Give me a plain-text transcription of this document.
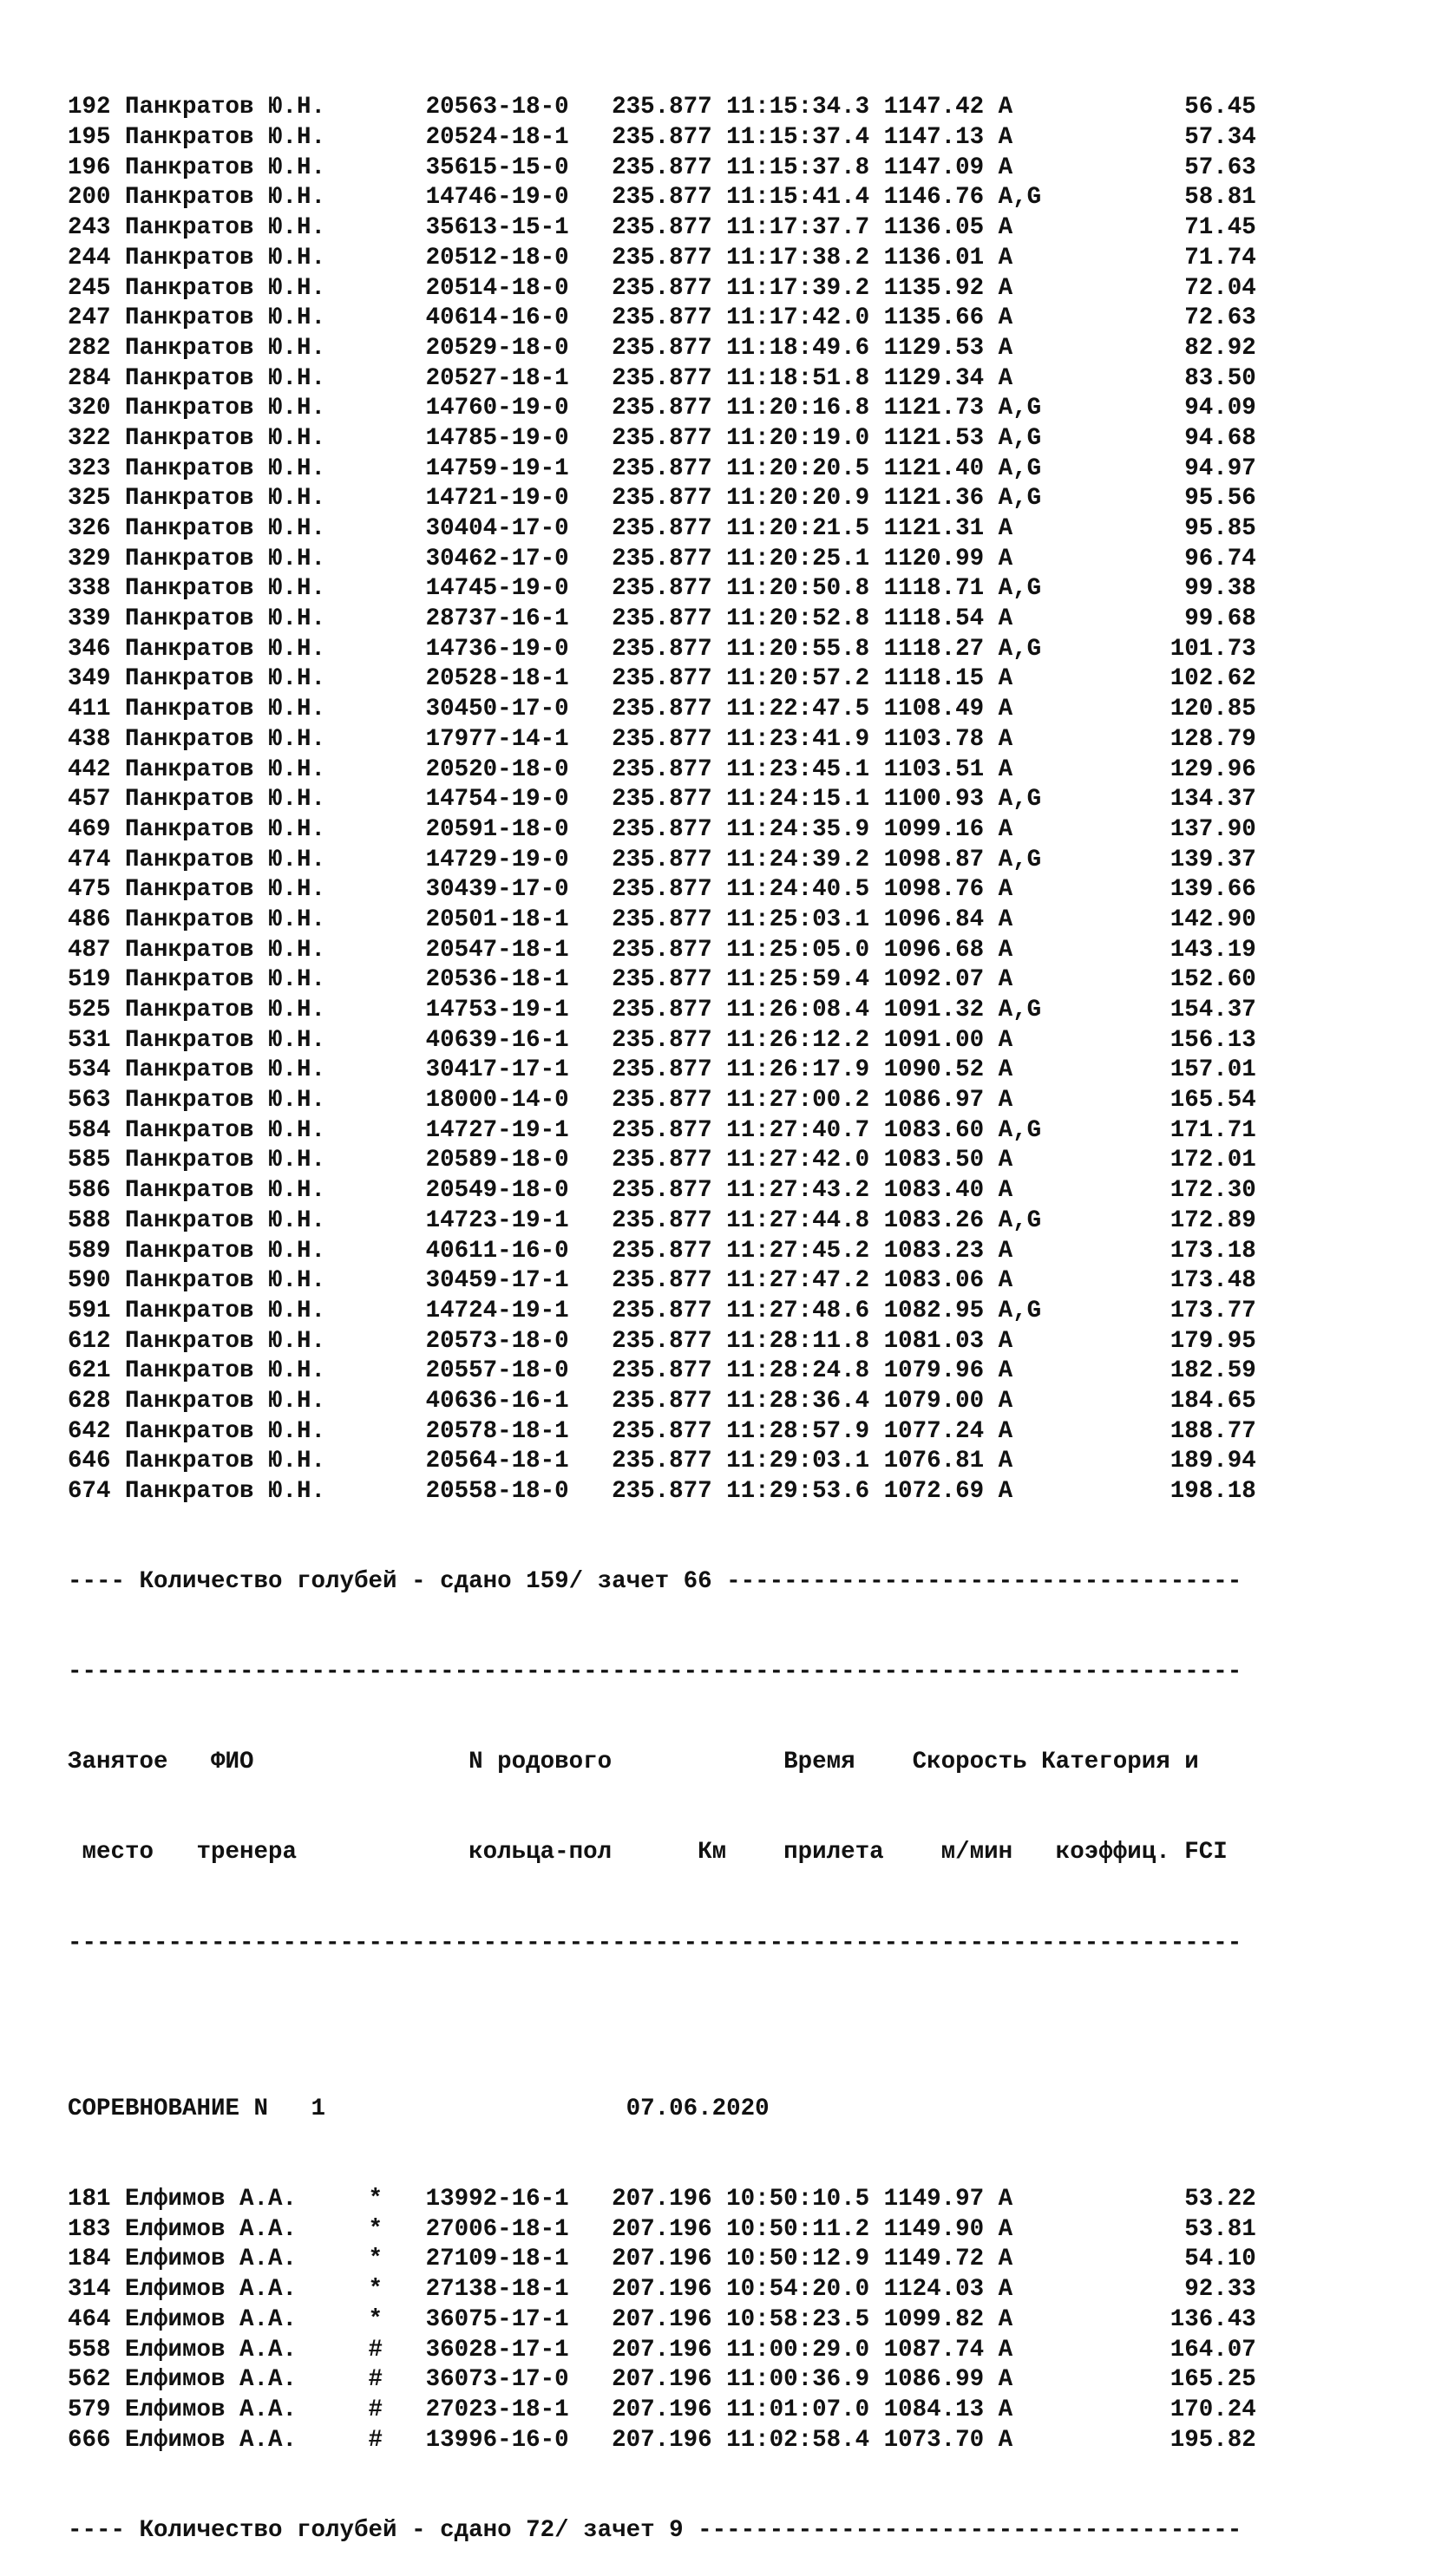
192 Панкратов Ю.Н.       20563-18-0   235.877 11:15:34.3 1147.42 A            56.45
195 Панкратов Ю.Н.       20524-18-1   235.877 11:15:37.4 1147.13 A            57.34
196 Панкратов Ю.Н.       35615-15-0   235.877 11:15:37.8 1147.09 A            57.63
200 Панкратов Ю.Н.       14746-19-0   235.877 11:15:41.4 1146.76 A,G          58.81
243 Панкратов Ю.Н.       35613-15-1   235.877 11:17:37.7 1136.05 A            71.45
244 Панкратов Ю.Н.       20512-18-0   235.877 11:17:38.2 1136.01 A            71.74
245 Панкратов Ю.Н.       20514-18-0   235.877 11:17:39.2 1135.92 A            72.04
247 Панкратов Ю.Н.       40614-16-0   235.877 11:17:42.0 1135.66 A            72.63
282 Панкратов Ю.Н.       20529-18-0   235.877 11:18:49.6 1129.53 A            82.92
284 Панкратов Ю.Н.       20527-18-1   235.877 11:18:51.8 1129.34 A            83.50
320 Панкратов Ю.Н.       14760-19-0   235.877 11:20:16.8 1121.73 A,G          94.09
322 Панкратов Ю.Н.       14785-19-0   235.877 11:20:19.0 1121.53 A,G          94.68
323 Панкратов Ю.Н.       14759-19-1   235.877 11:20:20.5 1121.40 A,G          94.97
325 Панкратов Ю.Н.       14721-19-0   235.877 11:20:20.9 1121.36 A,G          95.56
326 Панкратов Ю.Н.       30404-17-0   235.877 11:20:21.5 1121.31 A            95.85
329 Панкратов Ю.Н.       30462-17-0   235.877 11:20:25.1 1120.99 A            96.74
338 Панкратов Ю.Н.       14745-19-0   235.877 11:20:50.8 1118.71 A,G          99.38
339 Панкратов Ю.Н.       28737-16-1   235.877 11:20:52.8 1118.54 A            99.68
346 Панкратов Ю.Н.       14736-19-0   235.877 11:20:55.8 1118.27 A,G         101.73
349 Панкратов Ю.Н.       20528-18-1   235.877 11:20:57.2 1118.15 A           102.62
411 Панкратов Ю.Н.       30450-17-0   235.877 11:22:47.5 1108.49 A           120.85
438 Панкратов Ю.Н.       17977-14-1   235.877 11:23:41.9 1103.78 A           128.79
442 Панкратов Ю.Н.       20520-18-0   235.877 11:23:45.1 1103.51 A           129.96
457 Панкратов Ю.Н.       14754-19-0   235.877 11:24:15.1 1100.93 A,G         134.37
469 Панкратов Ю.Н.       20591-18-0   235.877 11:24:35.9 1099.16 A           137.90
474 Панкратов Ю.Н.       14729-19-0   235.877 11:24:39.2 1098.87 A,G         139.37
475 Панкратов Ю.Н.       30439-17-0   235.877 11:24:40.5 1098.76 A           139.66
486 Панкратов Ю.Н.       20501-18-1   235.877 11:25:03.1 1096.84 A           142.90
487 Панкратов Ю.Н.       20547-18-1   235.877 11:25:05.0 1096.68 A           143.19
519 Панкратов Ю.Н.       20536-18-1   235.877 11:25:59.4 1092.07 A           152.60
525 Панкратов Ю.Н.       14753-19-1   235.877 11:26:08.4 1091.32 A,G         154.37
531 Панкратов Ю.Н.       40639-16-1   235.877 11:26:12.2 1091.00 A           156.13
534 Панкратов Ю.Н.       30417-17-1   235.877 11:26:17.9 1090.52 A           157.01
563 Панкратов Ю.Н.       18000-14-0   235.877 11:27:00.2 1086.97 A           165.54
584 Панкратов Ю.Н.       14727-19-1   235.877 11:27:40.7 1083.60 A,G         171.71
585 Панкратов Ю.Н.       20589-18-0   235.877 11:27:42.0 1083.50 A           172.01
586 Панкратов Ю.Н.       20549-18-0   235.877 11:27:43.2 1083.40 A           172.30
588 Панкратов Ю.Н.       14723-19-1   235.877 11:27:44.8 1083.26 A,G         172.89
589 Панкратов Ю.Н.       40611-16-0   235.877 11:27:45.2 1083.23 A           173.18
590 Панкратов Ю.Н.       30459-17-1   235.877 11:27:47.2 1083.06 A           173.48
591 Панкратов Ю.Н.       14724-19-1   235.877 11:27:48.6 1082.95 A,G         173.77
612 Панкратов Ю.Н.       20573-18-0   235.877 11:28:11.8 1081.03 A           179.95
621 Панкратов Ю.Н.       20557-18-0   235.877 11:28:24.8 1079.96 A           182.59
628 Панкратов Ю.Н.       40636-16-1   235.877 11:28:36.4 1079.00 A           184.65
642 Панкратов Ю.Н.       20578-18-1   235.877 11:28:57.9 1077.24 A           188.77
646 Панкратов Ю.Н.       20564-18-1   235.877 11:29:03.1 1076.81 A           189.94
674 Панкратов Ю.Н.       20558-18-0   235.877 11:29:53.6 1072.69 A           198.18

---- Количество голубей - сдано 159/ зачет 66 ------------------------------------

----------------------------------------------------------------------------------

Занятое   ФИО               N родового            Время    Скорость Категория и

место   тренера            кольца-пол      Км    прилета    м/мин   коэффиц. FCI

----------------------------------------------------------------------------------

СОРЕВНОВАНИЕ N   1                     07.06.2020

181 Елфимов А.А.     *   13992-16-1   207.196 10:50:10.5 1149.97 A            53.22
183 Елфимов А.А.     *   27006-18-1   207.196 10:50:11.2 1149.90 A            53.81
184 Елфимов А.А.     *   27109-18-1   207.196 10:50:12.9 1149.72 A            54.10
314 Елфимов А.А.     *   27138-18-1   207.196 10:54:20.0 1124.03 A            92.33
464 Елфимов А.А.     *   36075-17-1   207.196 10:58:23.5 1099.82 A           136.43
558 Елфимов А.А.     #   36028-17-1   207.196 11:00:29.0 1087.74 A           164.07
562 Елфимов А.А.     #   36073-17-0   207.196 11:00:36.9 1086.99 A           165.25
579 Елфимов А.А.     #   27023-18-1   207.196 11:01:07.0 1084.13 A           170.24
666 Елфимов А.А.     #   13996-16-0   207.196 11:02:58.4 1073.70 A           195.82

---- Количество голубей - сдано 72/ зачет 9 --------------------------------------
